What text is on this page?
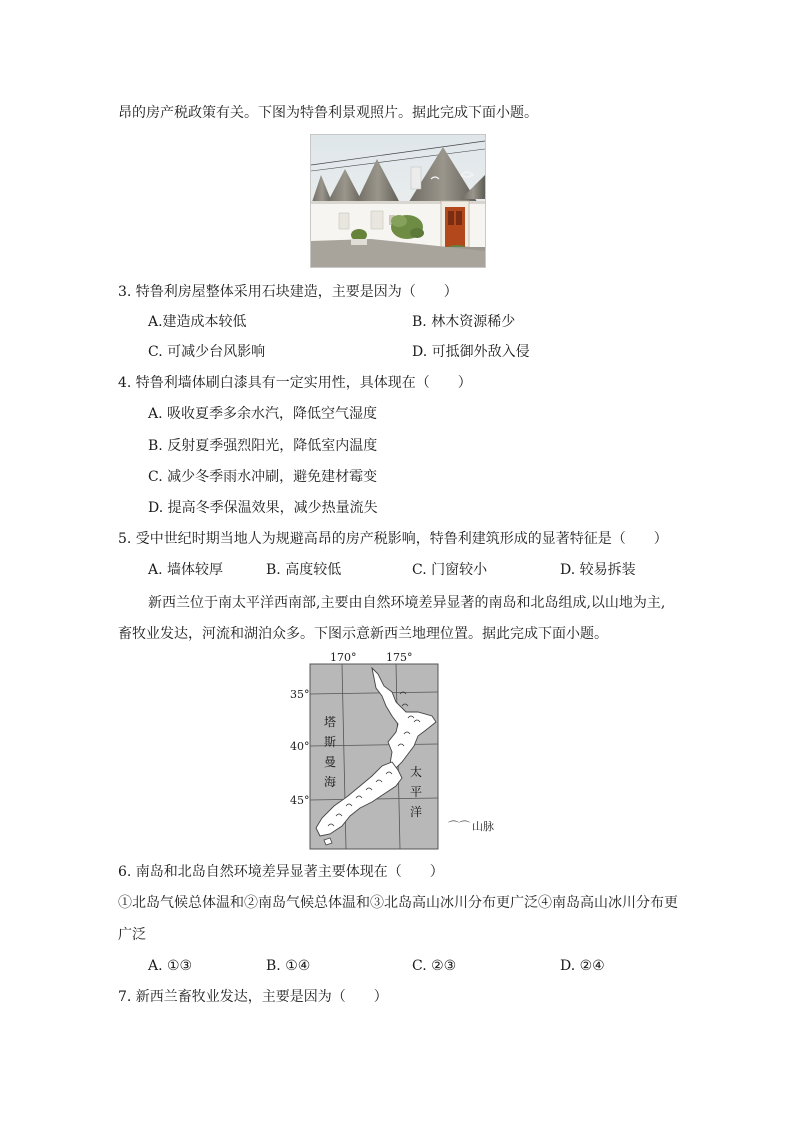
昂的房产税政策有关。下图为特鲁利景观照片。据此完成下面小题。
3. 特鲁利房屋整体采用石块建造，主要是因为（　　）
A.建造成本较低	B. 林木资源稀少
C. 可减少台风影响	D. 可抵御外敌入侵
4. 特鲁利墙体刷白漆具有一定实用性，具体现在（　　）
A. 吸收夏季多余水汽，降低空气湿度
B. 反射夏季强烈阳光，降低室内温度
C. 减少冬季雨水冲刷，避免建材霉变
D. 提高冬季保温效果，减少热量流失
5. 受中世纪时期当地人为规避高昂的房产税影响，特鲁利建筑形成的显著特征是（　　）
A. 墙体较厚	B. 高度较低	C. 门窗较小	D. 较易拆装
新西兰位于南太平洋西南部,主要由自然环境差异显著的南岛和北岛组成,以山地为主,
畜牧业发达，河流和湖泊众多。下图示意新西兰地理位置。据此完成下面小题。
170°	175°
35°
40°
45°
塔
斯
曼
海
太
平
洋
⌒⌒ 山脉
6. 南岛和北岛自然环境差异显著主要体现在（　　）
①北岛气候总体温和②南岛气候总体温和③北岛高山冰川分布更广泛④南岛高山冰川分布更
广泛
A. ①③	B. ①④	C. ②③	D. ②④
7. 新西兰畜牧业发达，主要是因为（　　）
